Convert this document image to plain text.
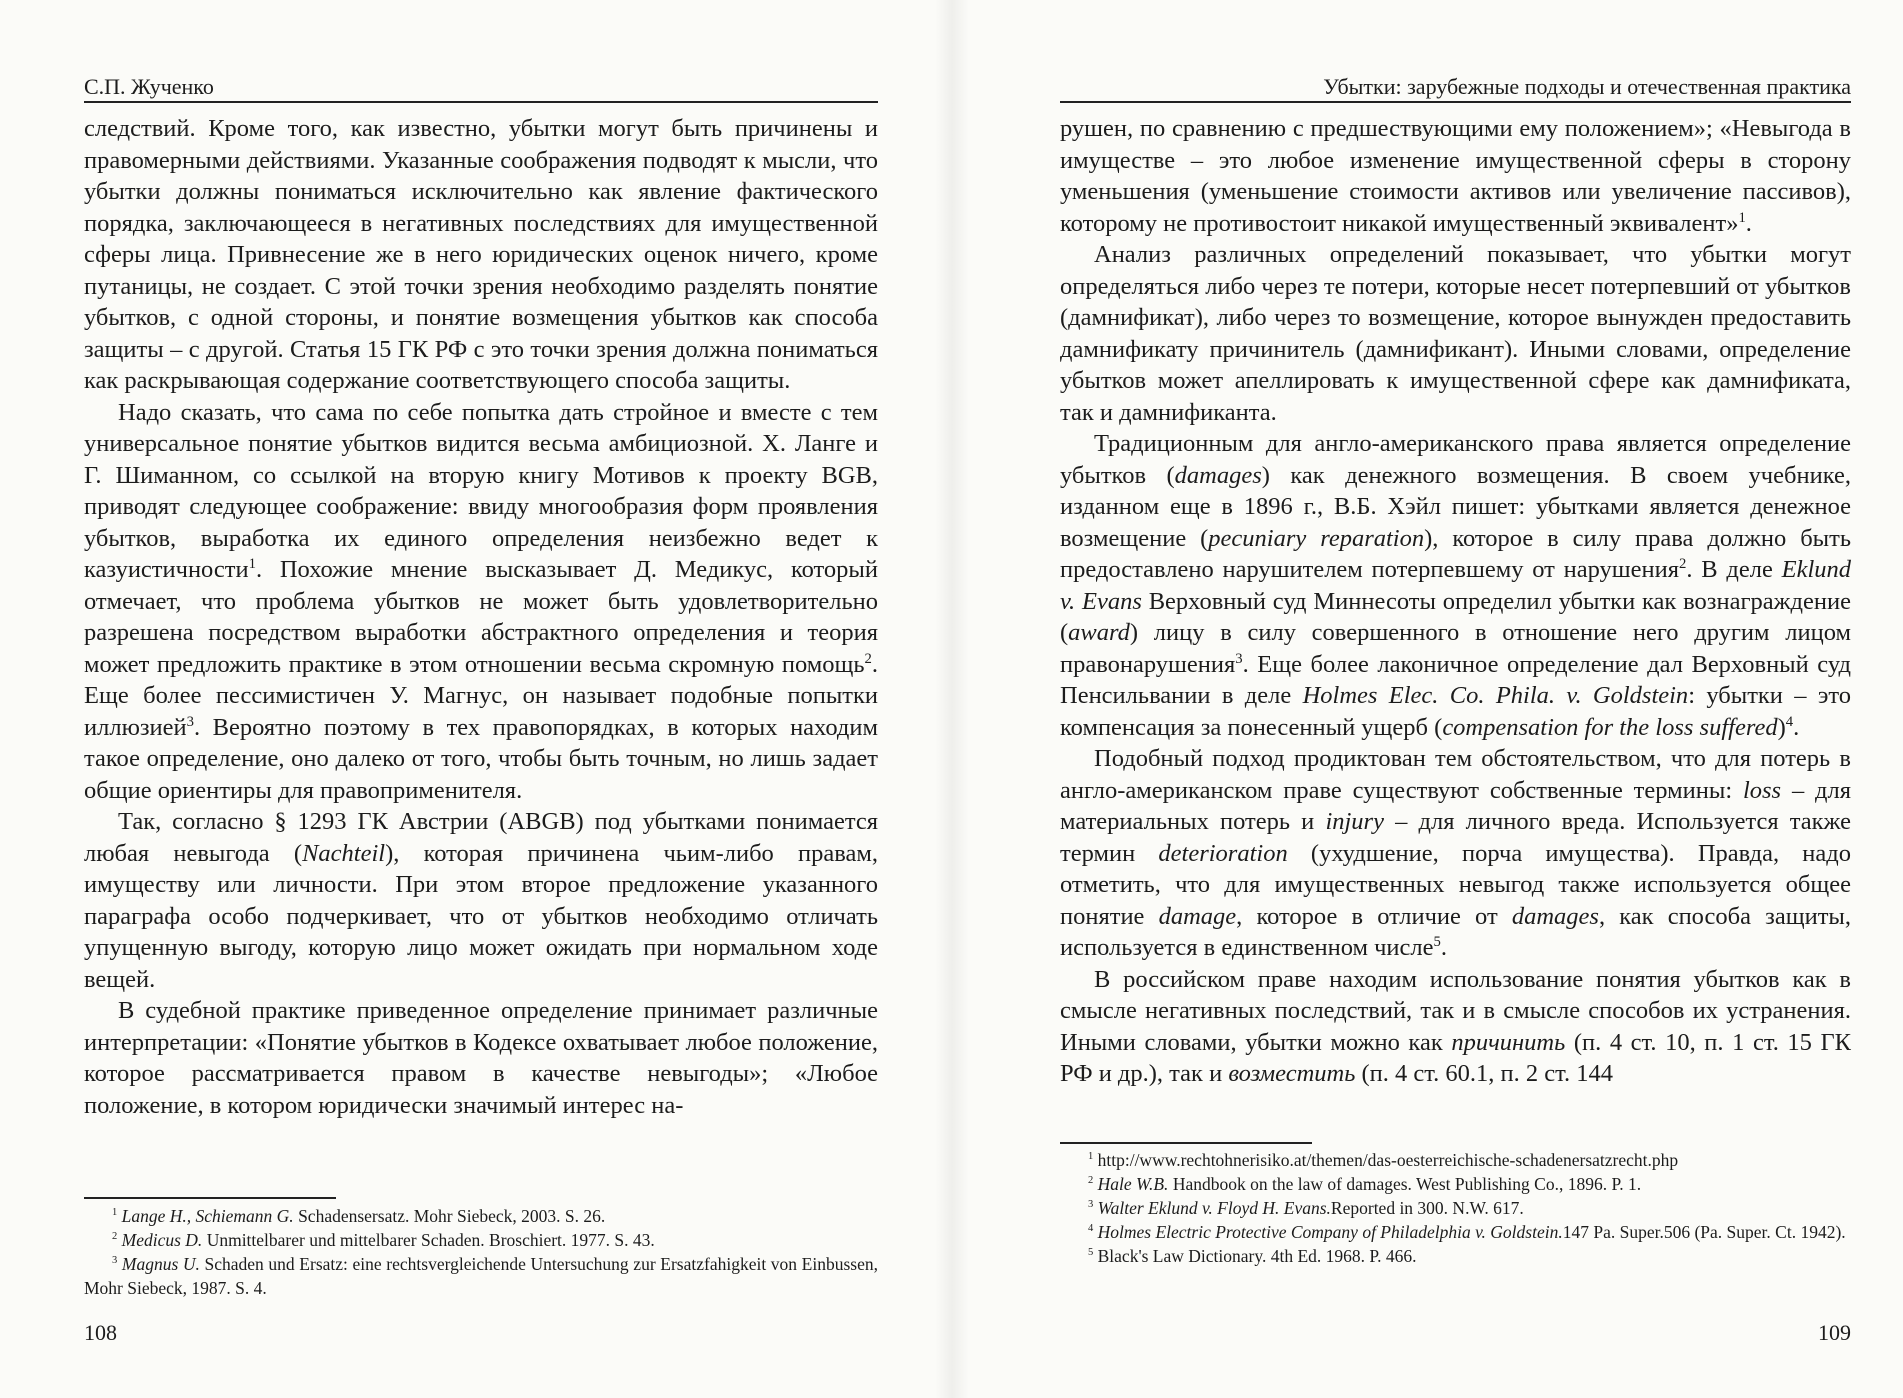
С.П. Жученко

следствий. Кроме того, как известно, убытки могут быть причинены и правомерными действиями. Указанные соображения подводят к мысли, что убытки должны пониматься исключительно как явление фактического порядка, заключающееся в негативных последствиях для имущественной сферы лица. Привнесение же в него юридических оценок ничего, кроме путаницы, не создает. С этой точки зрения необходимо разделять понятие убытков, с одной стороны, и понятие возмещения убытков как способа защиты – с другой. Статья 15 ГК РФ с это точки зрения должна пониматься как раскрывающая содержание соответствующего способа защиты.

Надо сказать, что сама по себе попытка дать стройное и вместе с тем универсальное понятие убытков видится весьма амбициозной. Х. Ланге и Г. Шиманном, со ссылкой на вторую книгу Мотивов к проекту BGB, приводят следующее соображение: ввиду многообразия форм проявления убытков, выработка их единого определения неизбежно ведет к казуистичности$^1$. Похожие мнение высказывает Д. Медикус, который отмечает, что проблема убытков не может быть удовлетворительно разрешена посредством выработки абстрактного определения и теория может предложить практике в этом отношении весьма скромную помощь$^2$. Еще более пессимистичен У. Магнус, он называет подобные попытки иллюзией$^3$. Вероятно поэтому в тех правопорядках, в которых находим такое определение, оно далеко от того, чтобы быть точным, но лишь задает общие ориентиры для правоприменителя.

Так, согласно § 1293 ГК Австрии (ABGB) под убытками понимается любая невыгода (Nachteil), которая причинена чьим-либо правам, имуществу или личности. При этом второе предложение указанного параграфа особо подчеркивает, что от убытков необходимо отличать упущенную выгоду, которую лицо может ожидать при нормальном ходе вещей.

В судебной практике приведенное определение принимает различные интерпретации: «Понятие убытков в Кодексе охватывает любое положение, которое рассматривается правом в качестве невыгоды»; «Любое положение, в котором юридически значимый интерес на-

$^1$ Lange H., Schiemann G. Schadensersatz. Mohr Siebeck, 2003. S. 26.

$^2$ Medicus D. Unmittelbarer und mittelbarer Schaden. Broschiert. 1977. S. 43.

$^3$ Magnus U. Schaden und Ersatz: eine rechtsvergleichende Untersuchung zur Ersatzfahigkeit von Einbussen, Mohr Siebeck, 1987. S. 4.

108
Убытки: зарубежные подходы и отечественная практика

рушен, по сравнению с предшествующими ему положением»; «Невыгода в имуществе – это любое изменение имущественной сферы в сторону уменьшения (уменьшение стоимости активов или увеличение пассивов), которому не противостоит никакой имущественный эквивалент»$^1$.

Анализ различных определений показывает, что убытки могут определяться либо через те потери, которые несет потерпевший от убытков (дамнификат), либо через то возмещение, которое вынужден предоставить дамнификату причинитель (дамнификант). Иными словами, определение убытков может апеллировать к имущественной сфере как дамнификата, так и дамнификанта.

Традиционным для англо-американского права является определение убытков (damages) как денежного возмещения. В своем учебнике, изданном еще в 1896 г., В.Б. Хэйл пишет: убытками является денежное возмещение (pecuniary reparation), которое в силу права должно быть предоставлено нарушителем потерпевшему от нарушения$^2$. В деле Eklund v. Evans Верховный суд Миннесоты определил убытки как вознаграждение (award) лицу в силу совершенного в отношение него другим лицом правонарушения$^3$. Еще более лаконичное определение дал Верховный суд Пенсильвании в деле Holmes Elec. Co. Phila. v. Goldstein: убытки – это компенсация за понесенный ущерб (compensation for the loss suffered)$^4$.

Подобный подход продиктован тем обстоятельством, что для потерь в англо-американском праве существуют собственные термины: loss – для материальных потерь и injury – для личного вреда. Используется также термин deterioration (ухудшение, порча имущества). Правда, надо отметить, что для имущественных невыгод также используется общее понятие damage, которое в отличие от damages, как способа защиты, используется в единственном числе$^5$.

В российском праве находим использование понятия убытков как в смысле негативных последствий, так и в смысле способов их устранения. Иными словами, убытки можно как причинить (п. 4 ст. 10, п. 1 ст. 15 ГК РФ и др.), так и возместить (п. 4 ст. 60.1, п. 2 ст. 144

$^1$ http://www.rechtohnerisiko.at/themen/das-oesterreichische-schadenersatzrecht.php

$^2$ Hale W.B. Handbook on the law of damages. West Publishing Co., 1896. P. 1.

$^3$ Walter Eklund v. Floyd H. Evans.Reported in 300. N.W. 617.

$^4$ Holmes Electric Protective Company of Philadelphia v. Goldstein.147 Pa. Super.506 (Pa. Super. Ct. 1942).

$^5$ Black's Law Dictionary. 4th Ed. 1968. P. 466.

109
